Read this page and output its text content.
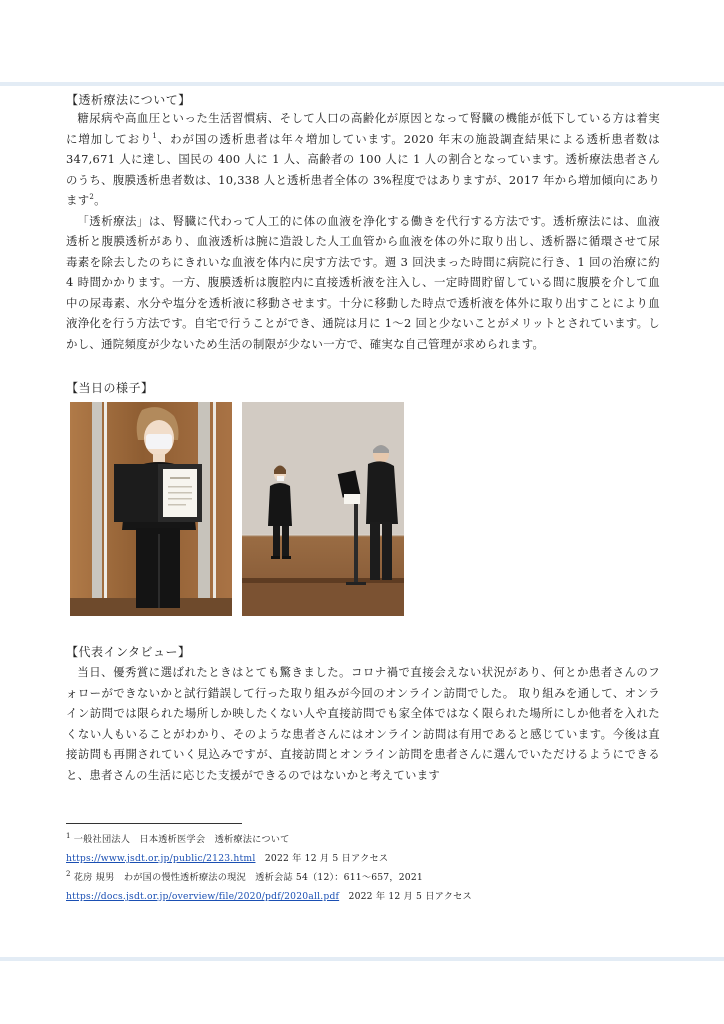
【透析療法について】

糖尿病や高血圧といった生活習慣病、そして人口の高齢化が原因となって腎臓の機能が低下している方は着実に増加しており$^1$、わが国の透析患者は年々増加しています。2020 年末の施設調査結果による透析患者数は 347,671 人に達し、国民の 400 人に 1 人、高齢者の 100 人に 1 人の割合となっています。透析療法患者さんのうち、腹膜透析患者数は、10,338 人と透析患者全体の 3%程度ではありますが、2017 年から増加傾向にあります$^2$。

「透析療法」は、腎臓に代わって人工的に体の血液を浄化する働きを代行する方法です。透析療法には、血液透析と腹膜透析があり、血液透析は腕に造設した人工血管から血液を体の外に取り出し、透析器に循環させて尿毒素を除去したのちにきれいな血液を体内に戻す方法です。週 3 回決まった時間に病院に行き、1 回の治療に約 4 時間かかります。一方、腹膜透析は腹腔内に直接透析液を注入し、一定時間貯留している間に腹膜を介して血中の尿毒素、水分や塩分を透析液に移動させます。十分に移動した時点で透析液を体外に取り出すことにより血液浄化を行う方法です。自宅で行うことができ、通院は月に 1～2 回と少ないことがメリットとされています。しかし、通院頻度が少ないため生活の制限が少ない一方で、確実な自己管理が求められます。

【当日の様子】

【代表インタビュー】

当日、優秀賞に選ばれたときはとても驚きました。コロナ禍で直接会えない状況があり、何とか患者さんのフォローができないかと試行錯誤して行った取り組みが今回のオンライン訪問でした。 取り組みを通して、オンライン訪問では限られた場所しか映したくない人や直接訪問でも家全体ではなく限られた場所にしか他者を入れたくない人もいることがわかり、そのような患者さんにはオンライン訪問は有用であると感じています。今後は直接訪問も再開されていく見込みですが、直接訪問とオンライン訪問を患者さんに選んでいただけるようにできると、患者さんの生活に応じた支援ができるのではないかと考えています

$^1$ 一般社団法人　日本透析医学会　透析療法について

https://www.jsdt.or.jp/public/2123.html　2022 年 12 月 5 日アクセス

$^2$ 花房 規男　わが国の慢性透析療法の現況　透析会誌 54（12）：611～657，2021

https://docs.jsdt.or.jp/overview/file/2020/pdf/2020all.pdf　2022 年 12 月 5 日アクセス
